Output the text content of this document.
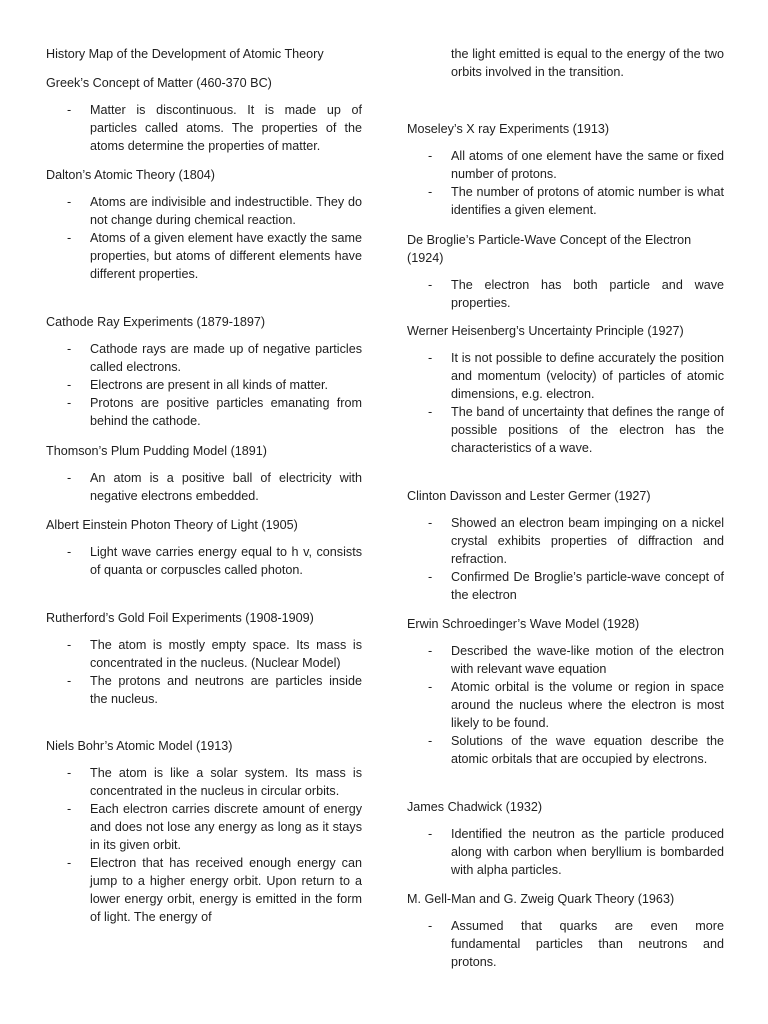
History Map of the Development of Atomic Theory
Greek’s Concept of Matter (460-370 BC)
- Matter is discontinuous. It is made up of particles called atoms. The properties of the atoms determine the properties of matter.
Dalton’s Atomic Theory (1804)
- Atoms are indivisible and indestructible. They do not change during chemical reaction.
- Atoms of a given element have exactly the same properties, but atoms of different elements have different properties.
Cathode Ray Experiments (1879-1897)
- Cathode rays are made up of negative particles called electrons.
- Electrons are present in all kinds of matter.
- Protons are positive particles emanating from behind the cathode.
Thomson’s Plum Pudding Model (1891)
- An atom is a positive ball of electricity with negative electrons embedded.
Albert Einstein Photon Theory of Light (1905)
- Light wave carries energy equal to h v, consists of quanta or corpuscles called photon.
Rutherford’s Gold Foil Experiments (1908-1909)
- The atom is mostly empty space. Its mass is concentrated in the nucleus. (Nuclear Model)
- The protons and neutrons are particles inside the nucleus.
Niels Bohr’s Atomic Model (1913)
- The atom is like a solar system. Its mass is concentrated in the nucleus in circular orbits.
- Each electron carries discrete amount of energy and does not lose any energy as long as it stays in its given orbit.
- Electron that has received enough energy can jump to a higher energy orbit. Upon return to a lower energy orbit, energy is emitted in the form of light. The energy of

the light emitted is equal to the energy of the two orbits involved in the transition.

Moseley’s X ray Experiments (1913)
- All atoms of one element have the same or fixed number of protons.
- The number of protons of atomic number is what identifies a given element.
De Broglie’s Particle-Wave Concept of the Electron (1924)
- The electron has both particle and wave properties.
Werner Heisenberg’s Uncertainty Principle (1927)
- It is not possible to define accurately the position and momentum (velocity) of particles of atomic dimensions, e.g. electron.
- The band of uncertainty that defines the range of possible positions of the electron has the characteristics of a wave.
Clinton Davisson and Lester Germer (1927)
- Showed an electron beam impinging on a nickel crystal exhibits properties of diffraction and refraction.
- Confirmed De Broglie’s particle-wave concept of the electron
Erwin Schroedinger’s Wave Model (1928)
- Described the wave-like motion of the electron with relevant wave equation
- Atomic orbital is the volume or region in space around the nucleus where the electron is most likely to be found.
- Solutions of the wave equation describe the atomic orbitals that are occupied by electrons.
James Chadwick (1932)
- Identified the neutron as the particle produced along with carbon when beryllium is bombarded with alpha particles.
M. Gell-Man and G. Zweig Quark Theory (1963)
- Assumed that quarks are even more fundamental particles than neutrons and protons.
